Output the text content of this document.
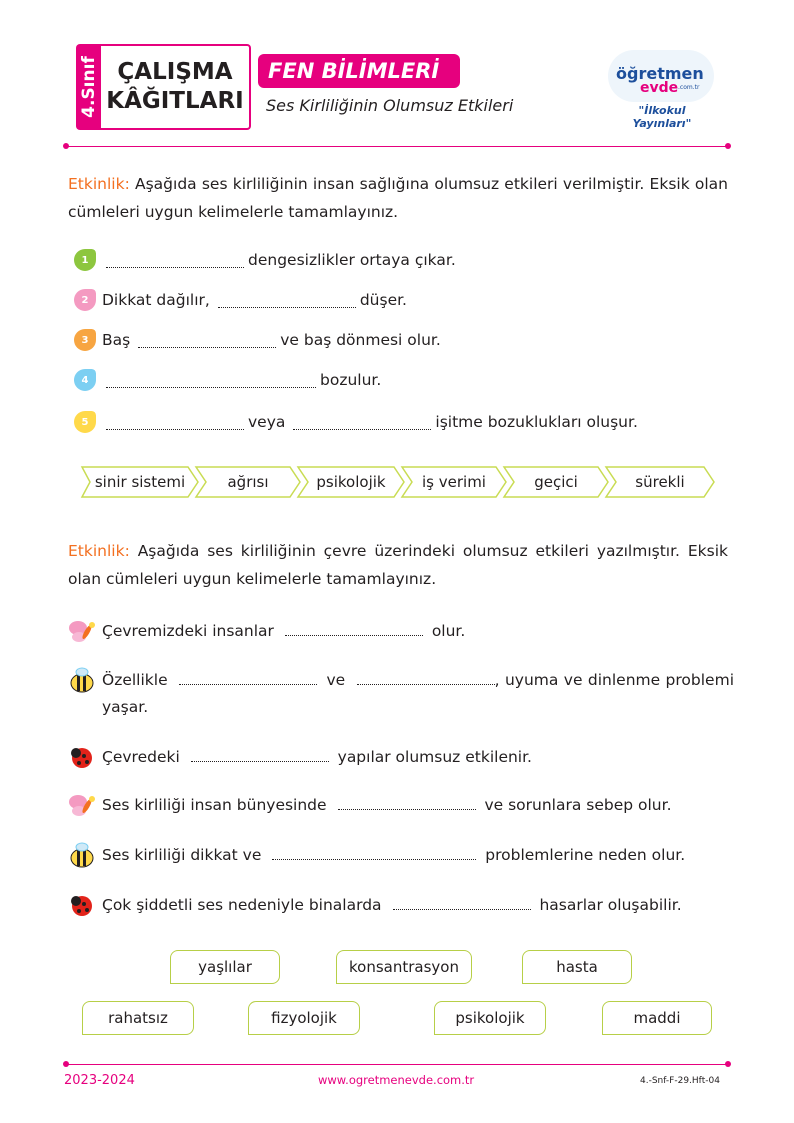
4.Sınıf ÇALIŞMA
KÂĞITLARI
FEN BİLİMLERİ
Ses Kirliliğinin Olumsuz Etkileri
öğretmen
evde .com.tr
"İlkokul Yayınları"
Etkinlik: Aşağıda ses kirliliğinin insan sağlığına olumsuz etkileri verilmiştir. Eksik olan cümleleri uygun kelimelerle tamamlayınız.
1	dengesizlikler ortaya çıkar.
2 Dikkat dağılır,	düşer.
3 Baş	ve baş dönmesi olur.
4	bozulur.
5	veya	işitme bozuklukları oluşur.
sinir sistemi	ağrısı	psikolojik iş verimi	geçici	sürekli
Etkinlik: Aşağıda ses kirliliğinin çevre üzerindeki olumsuz etkileri yazılmıştır. Eksik olan cümleleri uygun kelimelerle tamamlayınız.
Çevremizdeki insanlar	olur.
Özellikle	ve	, uyuma ve dinlenme problemi yaşar.
Çevredeki	yapılar olumsuz etkilenir.
Ses kirliliği insan bünyesinde	ve sorunlara sebep olur.
Ses kirliliği dikkat ve	problemlerine neden olur.
Çok şiddetli ses nedeniyle binalarda	hasarlar oluşabilir.
yaşlılar	konsantrasyon	hasta
rahatsız	fizyolojik	psikolojik	maddi
2023-2024	www.ogretmenevde.com.tr	4.-Snf-F-29.Hft-04
